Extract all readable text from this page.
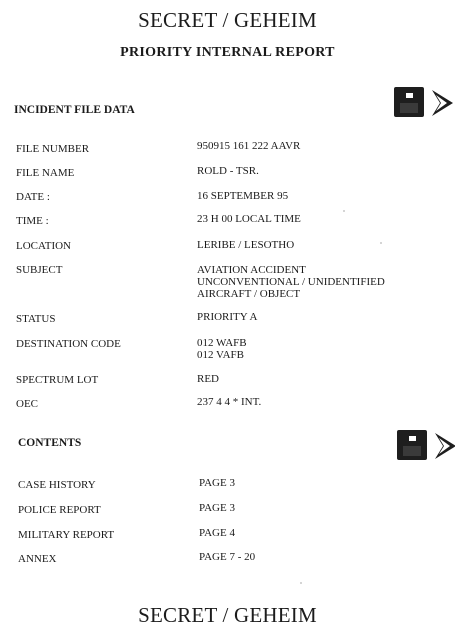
SECRET / GEHEIM
PRIORITY INTERNAL REPORT
INCIDENT FILE DATA
FILE NUMBER	950915 161 222 AAVR
FILE NAME	ROLD - TSR.
DATE :	16 SEPTEMBER 95
TIME :	23 H 00 LOCAL TIME
LOCATION	LERIBE / LESOTHO
SUBJECT	AVIATION ACCIDENT
UNCONVENTIONAL / UNIDENTIFIED
AIRCRAFT / OBJECT
STATUS	PRIORITY A
DESTINATION CODE	012 WAFB
012 VAFB
SPECTRUM LOT	RED
OEC	237 4 4 * INT.
CONTENTS
CASE HISTORY	PAGE 3
POLICE REPORT	PAGE 3
MILITARY REPORT	PAGE 4
ANNEX	PAGE 7 - 20
SECRET / GEHEIM
